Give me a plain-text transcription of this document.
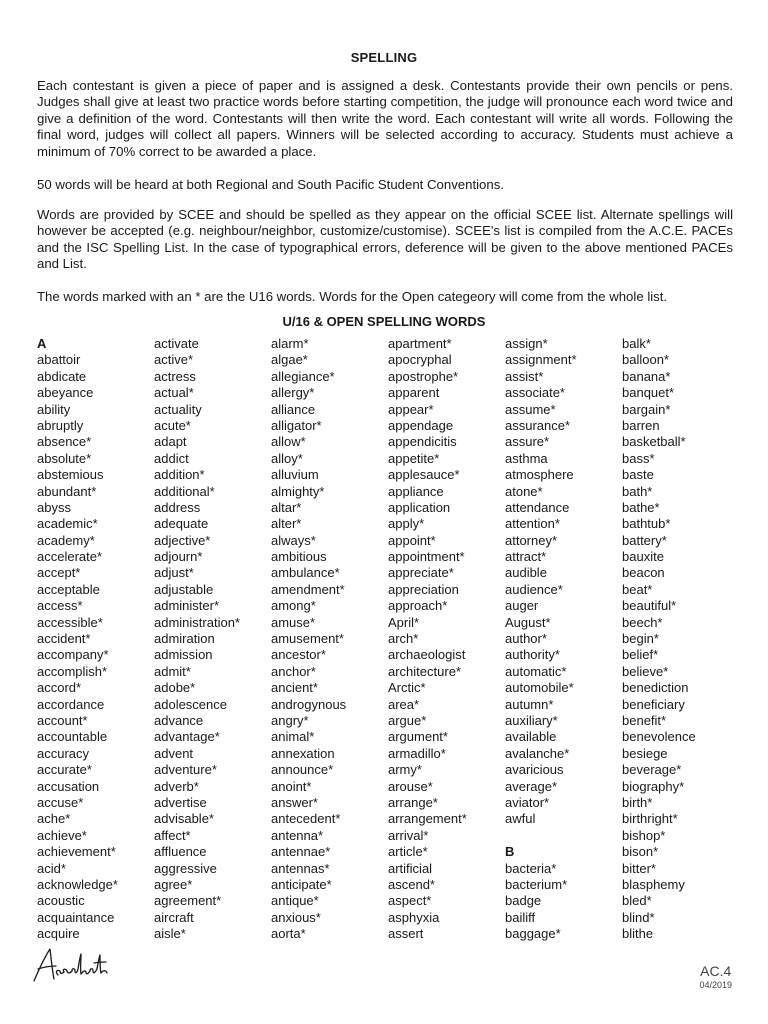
SPELLING

Each contestant is given a piece of paper and is assigned a desk. Contestants provide their own pencils or pens. Judges shall give at least two practice words before starting competition, the judge will pronounce each word twice and give a definition of the word. Contestants will then write the word. Each contestant will write all words. Following the final word, judges will collect all papers. Winners will be selected according to accuracy. Students must achieve a minimum of 70% correct to be awarded a place.

50 words will be heard at both Regional and South Pacific Student Conventions.

Words are provided by SCEE and should be spelled as they appear on the official SCEE list. Alternate spellings will however be accepted (e.g. neighbour/neighbor, customize/customise). SCEE's list is compiled from the A.C.E. PACEs and the ISC Spelling List. In the case of typographical errors, deference will be given to the above mentioned PACEs and List.

The words marked with an * are the U16 words. Words for the Open categeory will come from the whole list.

U/16 & OPEN SPELLING WORDS
A
abattoir
abdicate
abeyance
ability
abruptly
absence*
absolute*
abstemious
abundant*
abyss
academic*
academy*
accelerate*
accept*
acceptable
access*
accessible*
accident*
accompany*
accomplish*
accord*
accordance
account*
accountable
accuracy
accurate*
accusation
accuse*
ache*
achieve*
achievement*
acid*
acknowledge*
acoustic
acquaintance
acquire
activate
active*
actress
actual*
actuality
acute*
adapt
addict
addition*
additional*
address
adequate
adjective*
adjourn*
adjust*
adjustable
administer*
administration*
admiration
admission
admit*
adobe*
adolescence
advance
advantage*
advent
adventure*
adverb*
advertise
advisable*
affect*
affluence
aggressive
agree*
agreement*
aircraft
aisle*
alarm*
algae*
allegiance*
allergy*
alliance
alligator*
allow*
alloy*
alluvium
almighty*
altar*
alter*
always*
ambitious
ambulance*
amendment*
among*
amuse*
amusement*
ancestor*
anchor*
ancient*
androgynous
angry*
animal*
annexation
announce*
anoint*
answer*
antecedent*
antenna*
antennae*
antennas*
anticipate*
antique*
anxious*
aorta*
apartment*
apocryphal
apostrophe*
apparent
appear*
appendage
appendicitis
appetite*
applesauce*
appliance
application
apply*
appoint*
appointment*
appreciate*
appreciation
approach*
April*
arch*
archaeologist
architecture*
Arctic*
area*
argue*
argument*
armadillo*
army*
arouse*
arrange*
arrangement*
arrival*
article*
artificial
ascend*
aspect*
asphyxia
assert
assign*
assignment*
assist*
associate*
assume*
assurance*
assure*
asthma
atmosphere
atone*
attendance
attention*
attorney*
attract*
audible
audience*
auger
August*
author*
authority*
automatic*
automobile*
autumn*
auxiliary*
available
avalanche*
avaricious
average*
aviator*
awful
B
bacteria*
bacterium*
badge
bailiff
baggage*
balk*
balloon*
banana*
banquet*
bargain*
barren
basketball*
bass*
baste
bath*
bathe*
bathtub*
battery*
bauxite
beacon
beat*
beautiful*
beech*
begin*
belief*
believe*
benediction
beneficiary
benefit*
benevolence
besiege
beverage*
biography*
birth*
birthright*
bishop*
bison*
bitter*
blasphemy
bled*
blind*
blithe
AC.4
04/2019
